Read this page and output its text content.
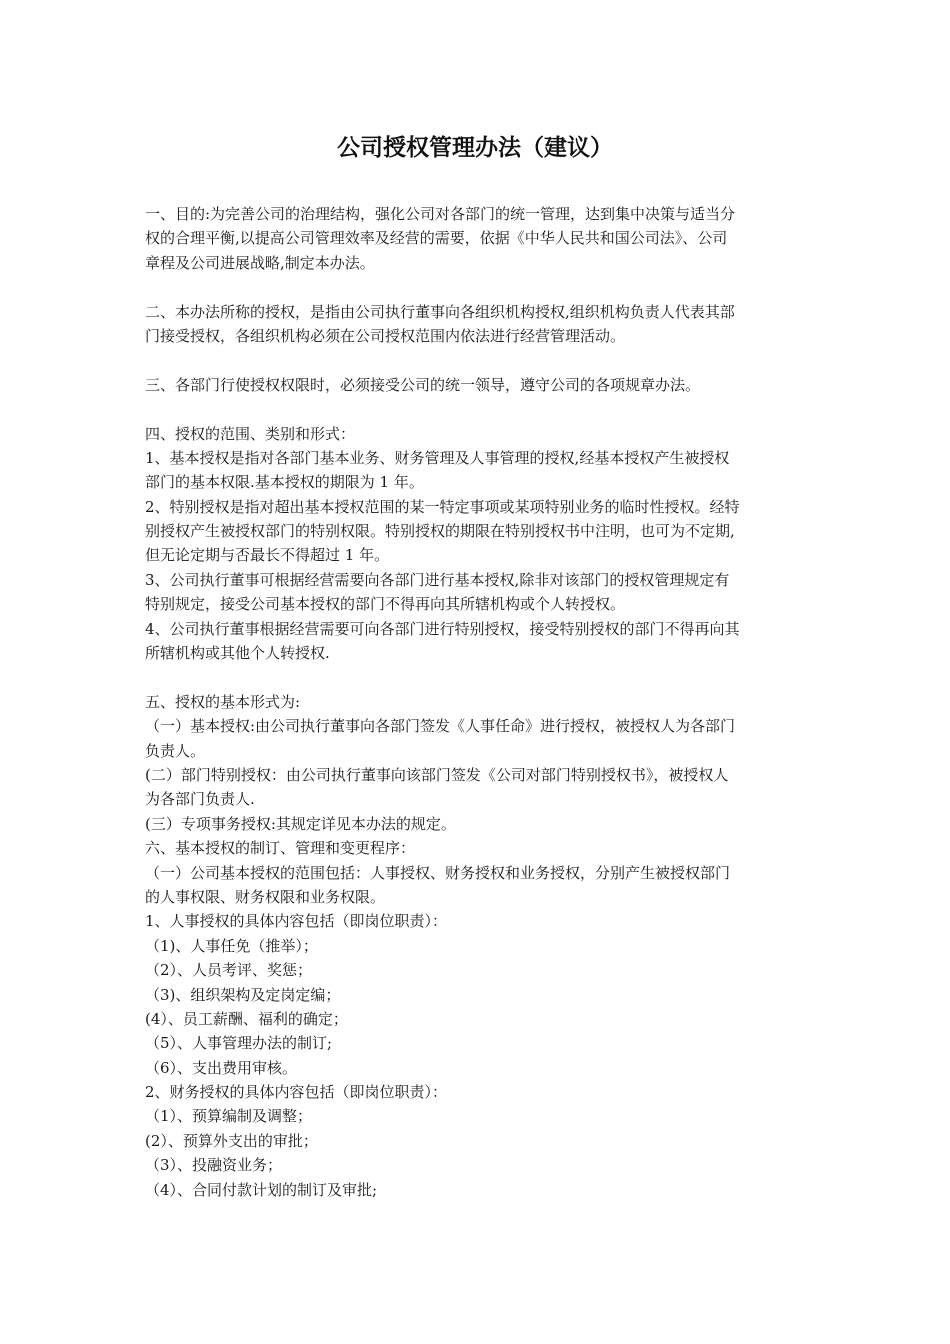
公司授权管理办法（建议）
一、目的:为完善公司的治理结构，强化公司对各部门的统一管理，达到集中决策与适当分
权的合理平衡,以提高公司管理效率及经营的需要，依据《中华人民共和国公司法》、公司
章程及公司进展战略,制定本办法。
二、本办法所称的授权，是指由公司执行董事向各组织机构授权,组织机构负责人代表其部
门接受授权，各组织机构必须在公司授权范围内依法进行经营管理活动。
三、各部门行使授权权限时，必须接受公司的统一领导，遵守公司的各项规章办法。
四、授权的范围、类别和形式：
1、基本授权是指对各部门基本业务、财务管理及人事管理的授权,经基本授权产生被授权
部门的基本权限.基本授权的期限为 1 年。
2、特别授权是指对超出基本授权范围的某一特定事项或某项特别业务的临时性授权。经特
别授权产生被授权部门的特别权限。特别授权的期限在特别授权书中注明，也可为不定期,
但无论定期与否最长不得超过 1 年。
3、公司执行董事可根据经营需要向各部门进行基本授权,除非对该部门的授权管理规定有
特别规定，接受公司基本授权的部门不得再向其所辖机构或个人转授权。
4、公司执行董事根据经营需要可向各部门进行特别授权，接受特别授权的部门不得再向其
所辖机构或其他个人转授权.
五、授权的基本形式为:
（一）基本授权:由公司执行董事向各部门签发《人事任命》进行授权，被授权人为各部门
负责人。
(二）部门特别授权：由公司执行董事向该部门签发《公司对部门特别授权书》，被授权人
为各部门负责人.
(三）专项事务授权:其规定详见本办法的规定。
六、基本授权的制订、管理和变更程序：
（一）公司基本授权的范围包括：人事授权、财务授权和业务授权，分别产生被授权部门
的人事权限、财务权限和业务权限。
1、人事授权的具体内容包括（即岗位职责）：
（1)、人事任免（推举）；
（2）、人员考评、奖惩；
（3)、组织架构及定岗定编；
(4）、员工薪酬、福利的确定；
（5）、人事管理办法的制订;
（6）、支出费用审核。
2、财务授权的具体内容包括（即岗位职责）：
（1）、预算编制及调整；
(2）、预算外支出的审批；
（3）、投融资业务；
（4）、合同付款计划的制订及审批;
